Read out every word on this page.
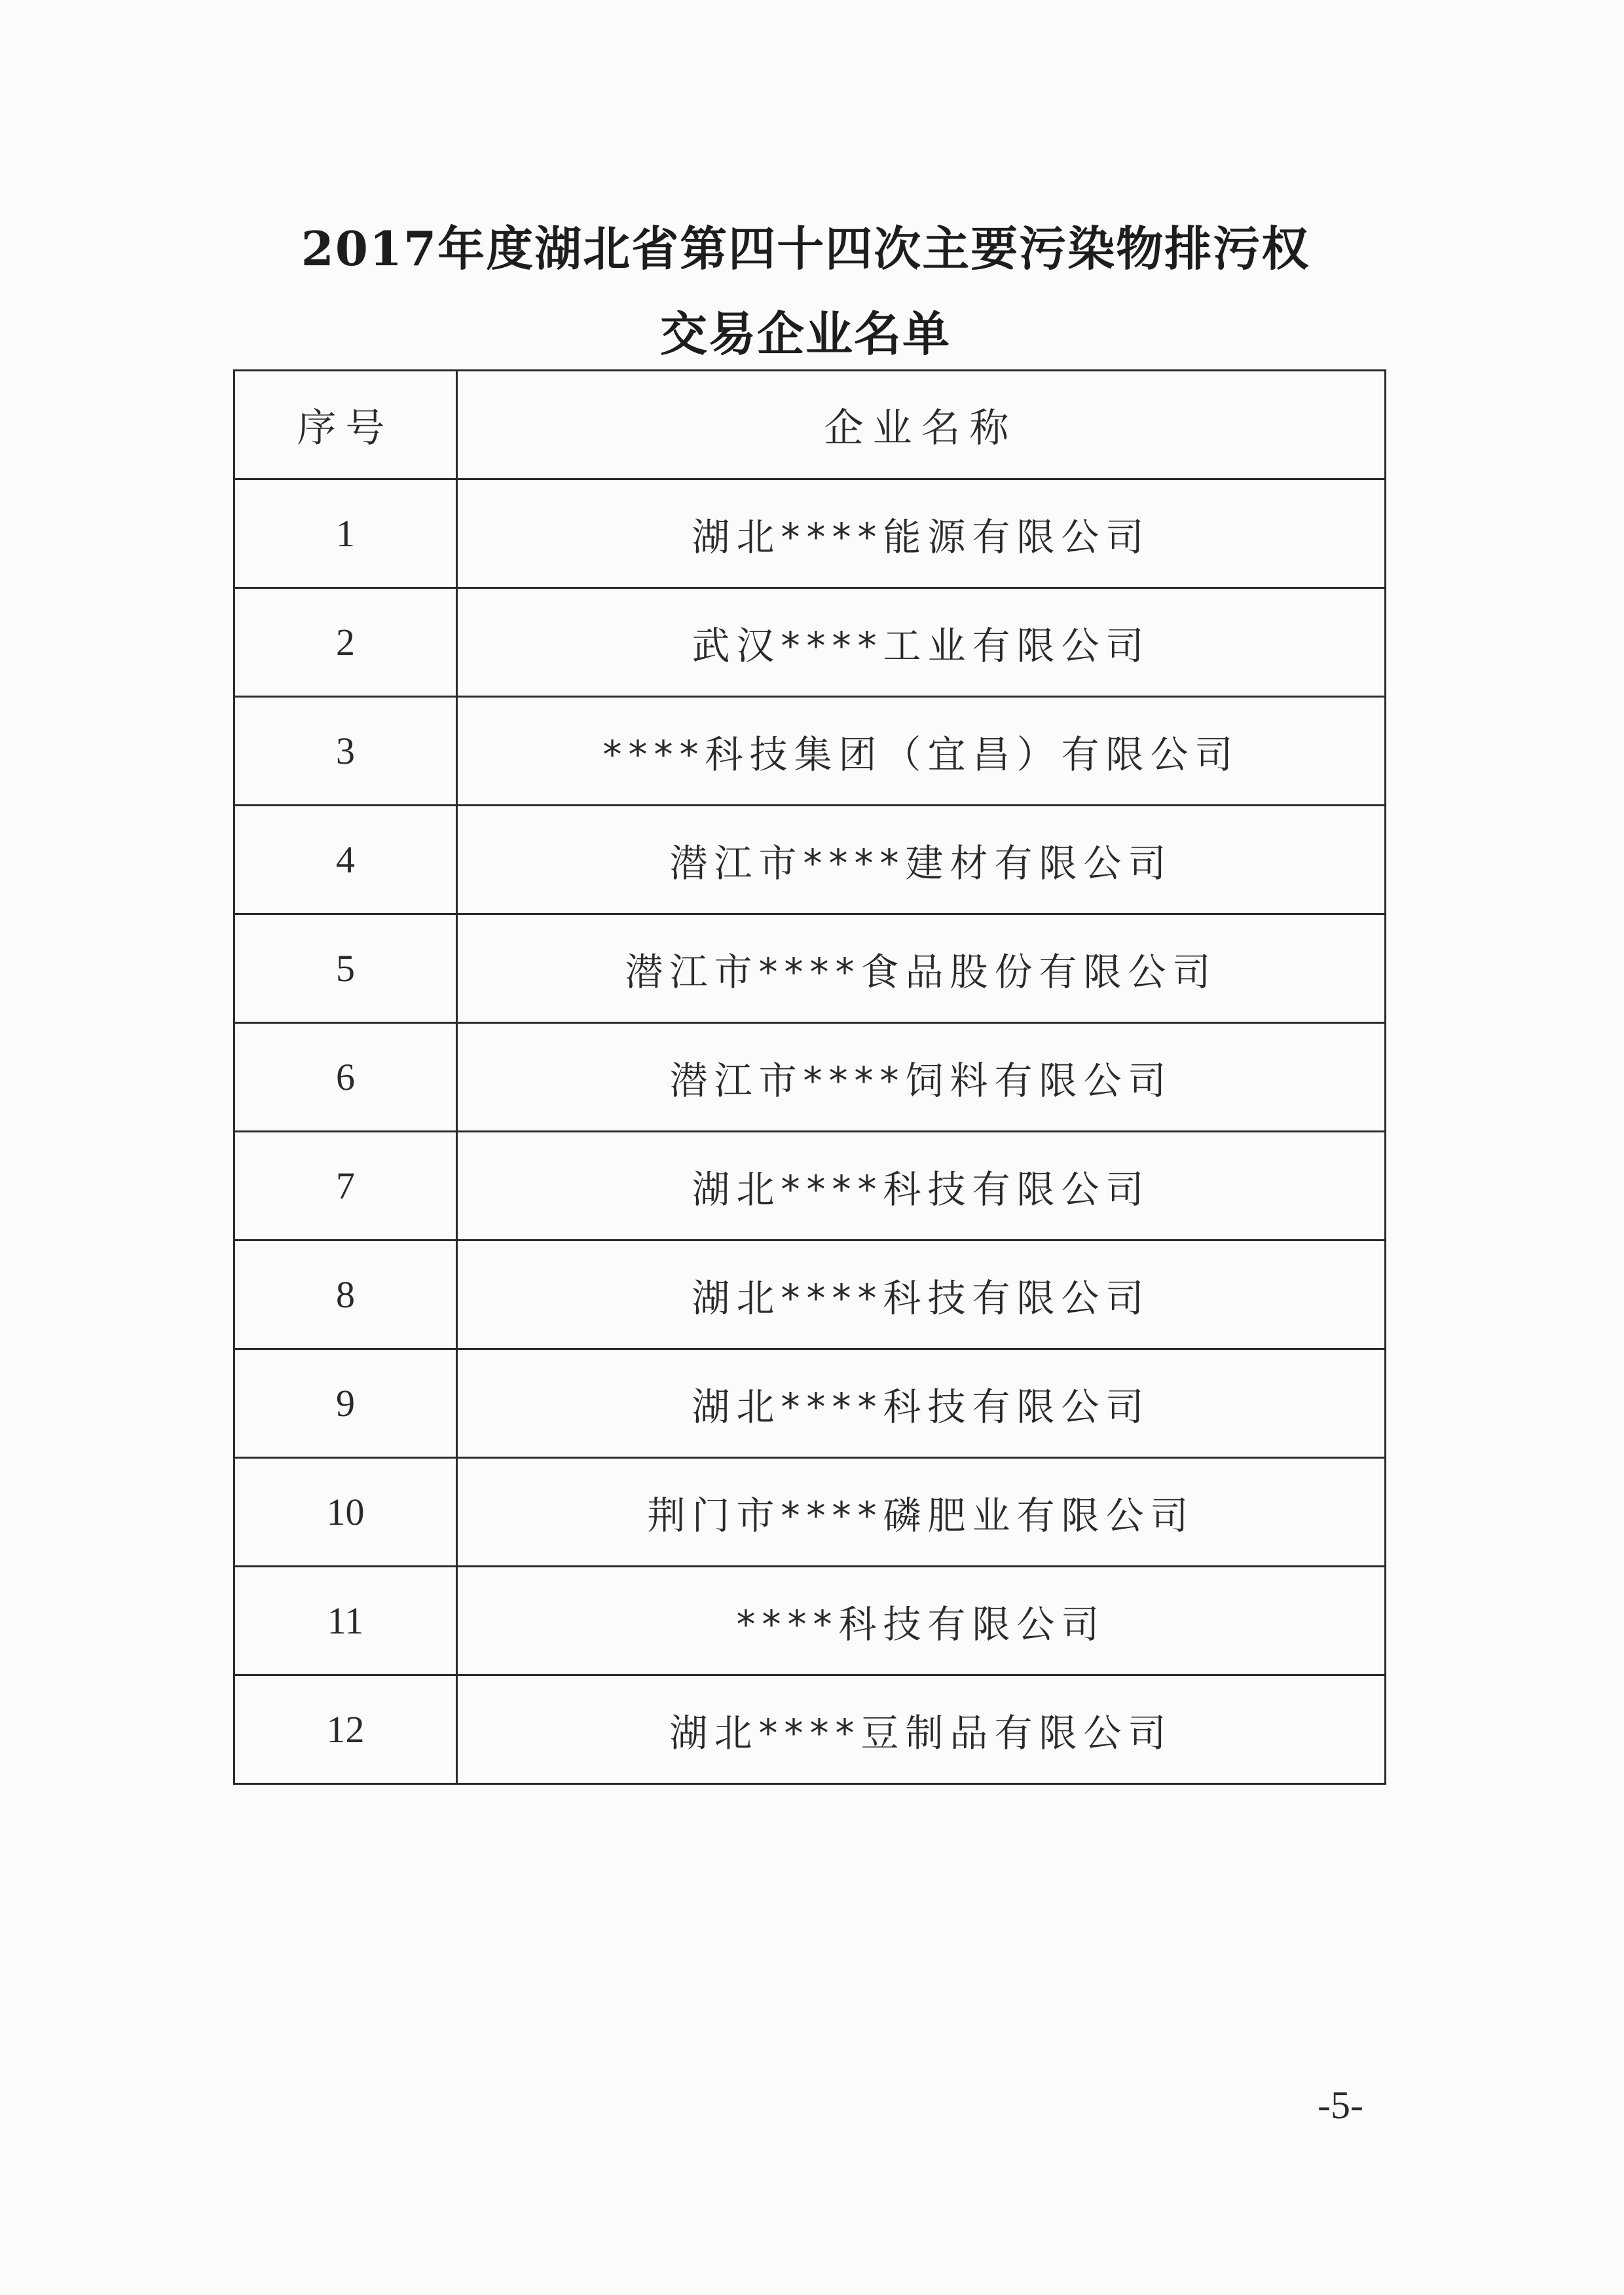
2017年度湖北省第四十四次主要污染物排污权
交易企业名单
序号	企业名称
1	湖北****能源有限公司
2	武汉****工业有限公司
3	****科技集团（宜昌）有限公司
4	潜江市****建材有限公司
5	潜江市****食品股份有限公司
6	潜江市****饲料有限公司
7	湖北****科技有限公司
8	湖北****科技有限公司
9	湖北****科技有限公司
10	荆门市****磷肥业有限公司
11	****科技有限公司
12	湖北****豆制品有限公司
-5-
